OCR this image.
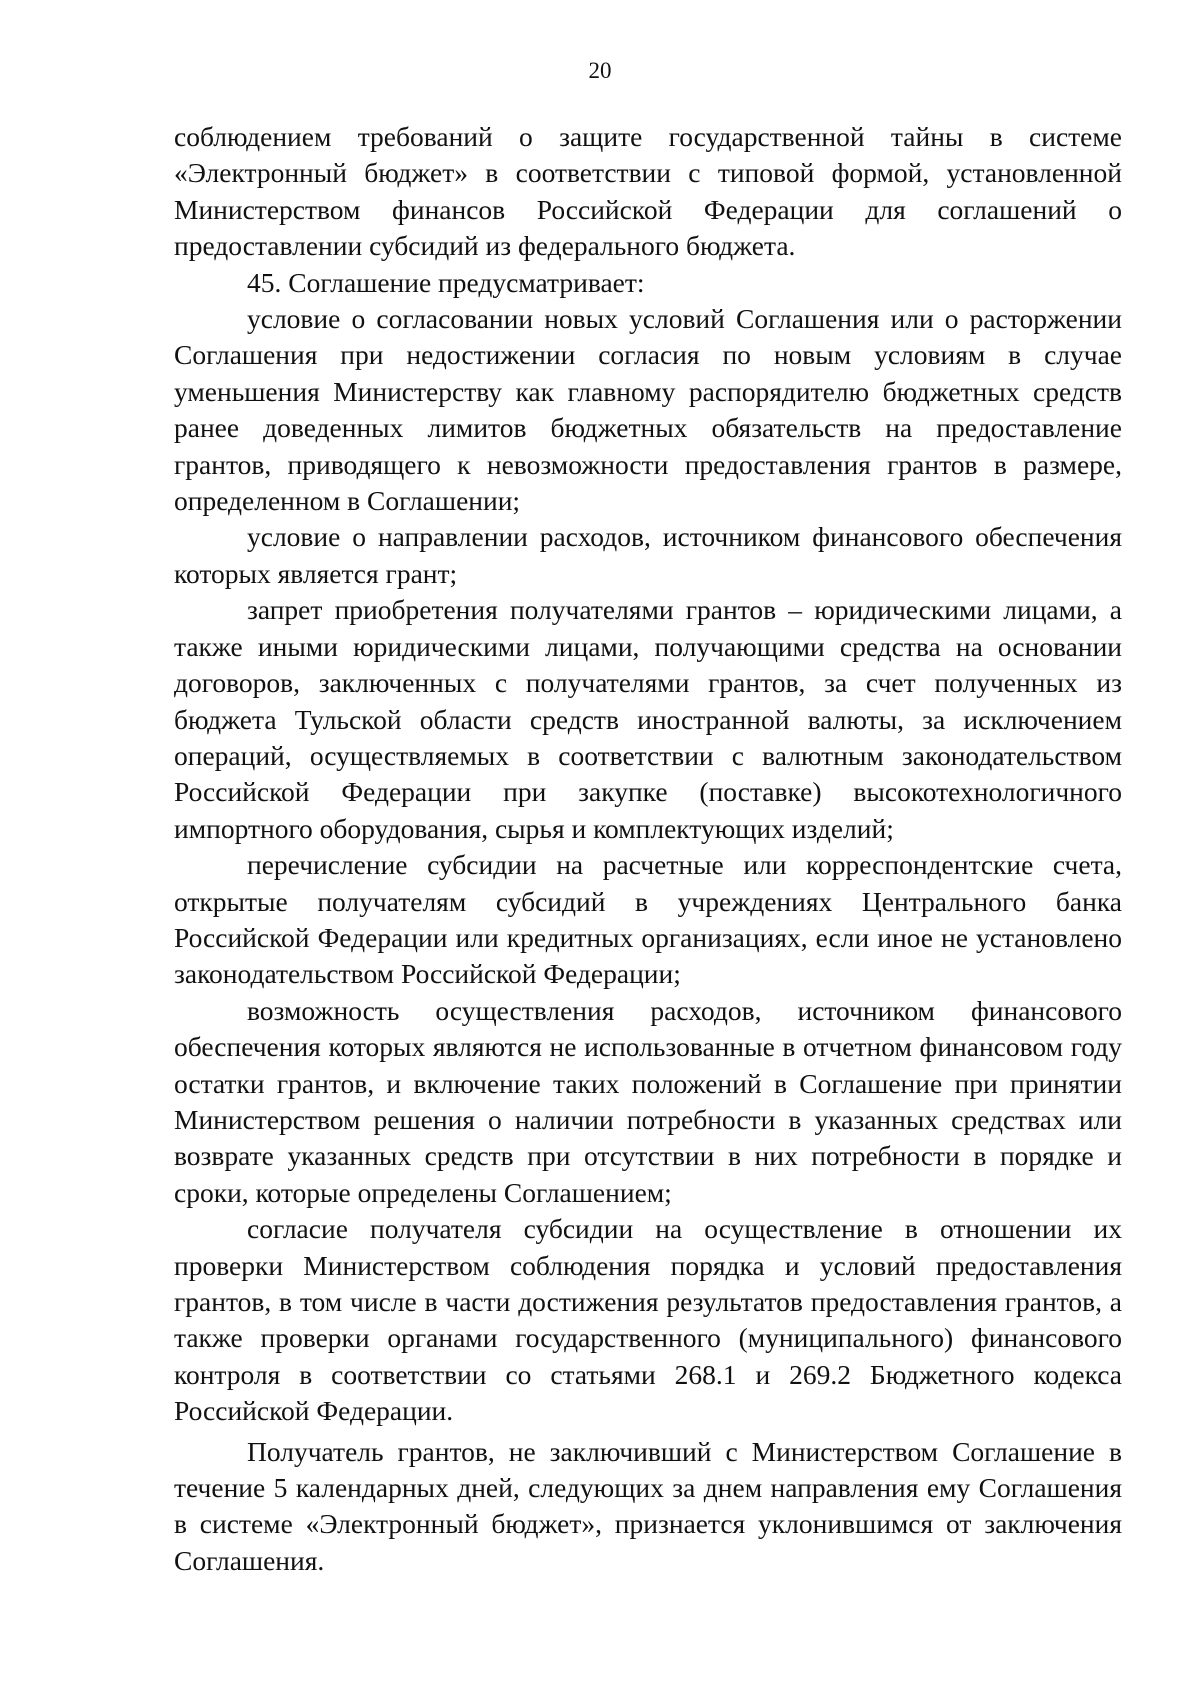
20

соблюдением требований о защите государственной тайны в системе «Электронный бюджет» в соответствии с типовой формой, установленной Министерством финансов Российской Федерации для соглашений о предоставлении субсидий из федерального бюджета.

45. Соглашение предусматривает:

условие о согласовании новых условий Соглашения или о расторжении Соглашения при недостижении согласия по новым условиям в случае уменьшения Министерству как главному распорядителю бюджетных средств ранее доведенных лимитов бюджетных обязательств на предоставление грантов, приводящего к невозможности предоставления грантов в размере, определенном в Соглашении;

условие о направлении расходов, источником финансового обеспечения которых является грант;

запрет приобретения получателями грантов – юридическими лицами, а также иными юридическими лицами, получающими средства на основании договоров, заключенных с получателями грантов, за счет полученных из бюджета Тульской области средств иностранной валюты, за исключением операций, осуществляемых в соответствии с валютным законодательством Российской Федерации при закупке (поставке) высокотехнологичного импортного оборудования, сырья и комплектующих изделий;

перечисление субсидии на расчетные или корреспондентские счета, открытые получателям субсидий в учреждениях Центрального банка Российской Федерации или кредитных организациях, если иное не установлено законодательством Российской Федерации;

возможность осуществления расходов, источником финансового обеспечения которых являются не использованные в отчетном финансовом году остатки грантов, и включение таких положений в Соглашение при принятии Министерством решения о наличии потребности в указанных средствах или возврате указанных средств при отсутствии в них потребности в порядке и сроки, которые определены Соглашением;

согласие получателя субсидии на осуществление в отношении их проверки Министерством соблюдения порядка и условий предоставления грантов, в том числе в части достижения результатов предоставления грантов, а также проверки органами государственного (муниципального) финансового контроля в соответствии со статьями 268.1 и 269.2 Бюджетного кодекса Российской Федерации.

Получатель грантов, не заключивший с Министерством Соглашение в течение 5 календарных дней, следующих за днем направления ему Соглашения в системе «Электронный бюджет», признается уклонившимся от заключения Соглашения.
